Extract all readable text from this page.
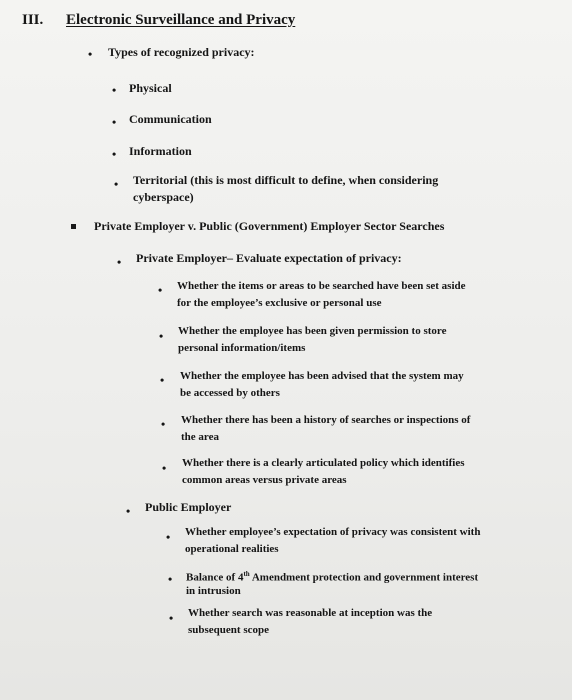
III. Electronic Surveillance and Privacy
• Types of recognized privacy:
• Physical
• Communication
• Information
• Territorial (this is most difficult to define, when considering
cyberspace)
Private Employer v. Public (Government) Employer Sector Searches
• Private Employer– Evaluate expectation of privacy:
• Whether the items or areas to be searched have been set aside
for the employee’s exclusive or personal use
• Whether the employee has been given permission to store
personal information/items
• Whether the employee has been advised that the system may
be accessed by others
• Whether there has been a history of searches or inspections of
the area
• Whether there is a clearly articulated policy which identifies
common areas versus private areas
• Public Employer
• Whether employee’s expectation of privacy was consistent with
operational realities
• Balance of 4th Amendment protection and government interest
in intrusion
• Whether search was reasonable at inception was the
subsequent scope
